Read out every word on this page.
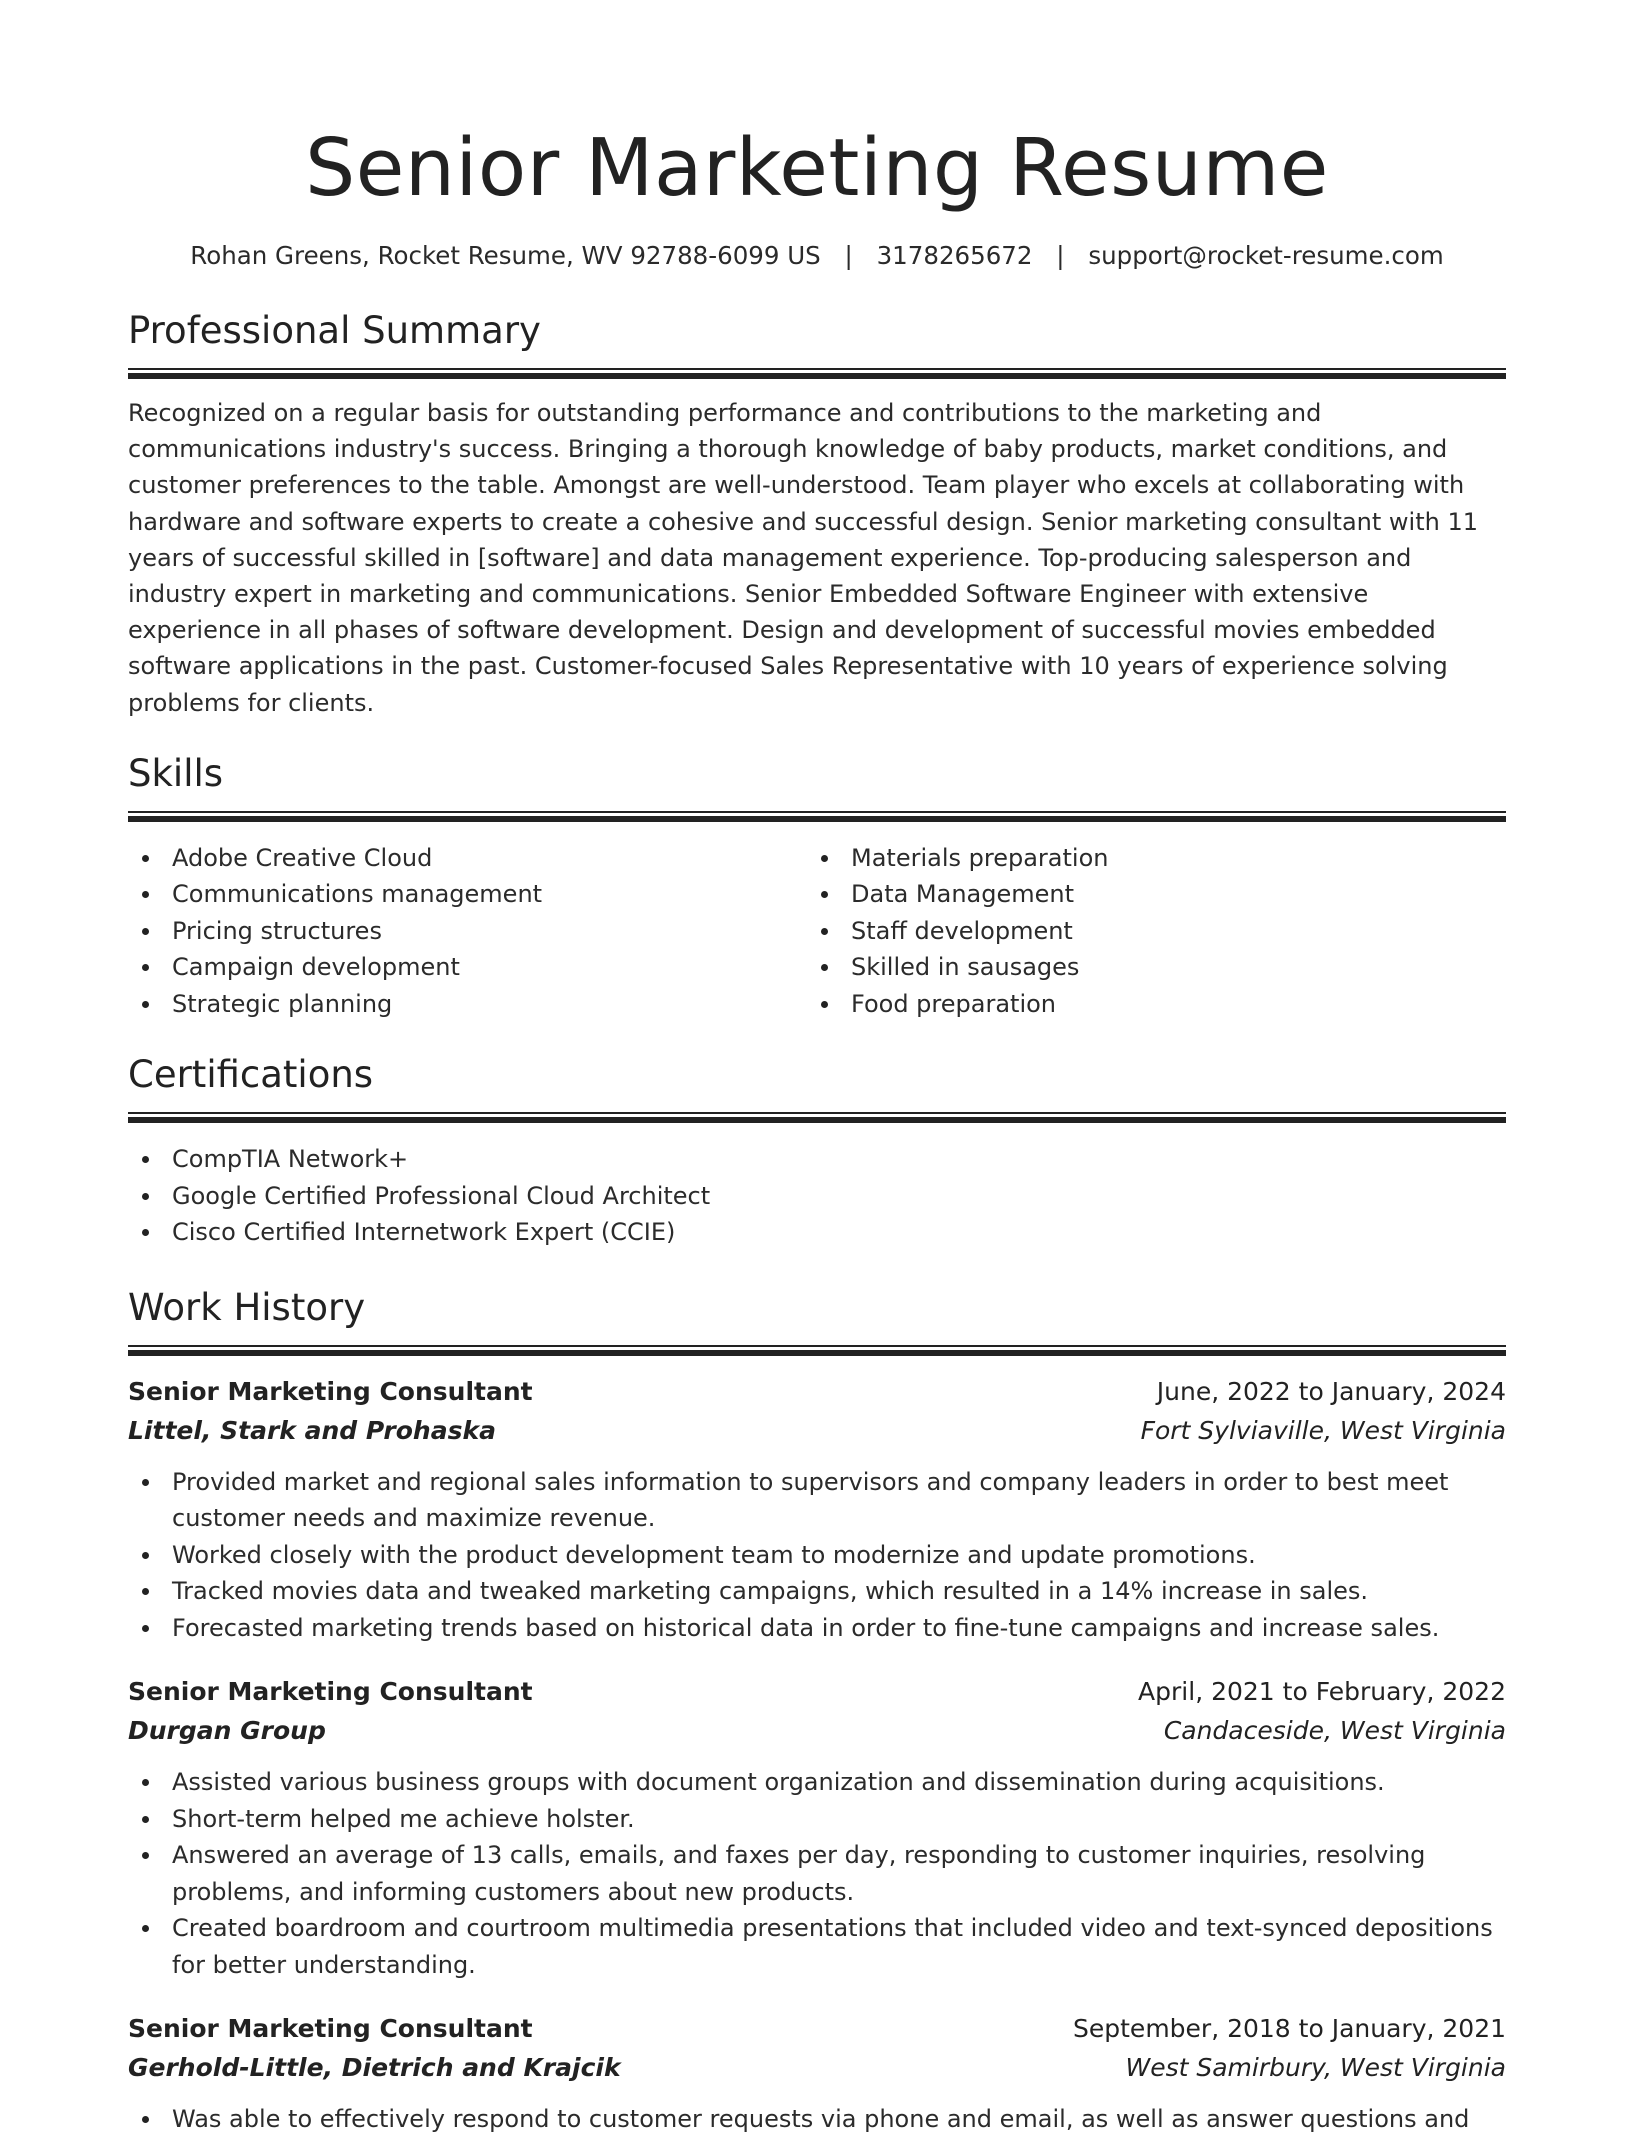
Senior Marketing Resume
Rohan Greens, Rocket Resume, WV 92788-6099 US | 3178265672 | support@rocket-resume.com
Professional Summary

Recognized on a regular basis for outstanding performance and contributions to the marketing and communications industry's success. Bringing a thorough knowledge of baby products, market conditions, and customer preferences to the table. Amongst are well-understood. Team player who excels at collaborating with hardware and software experts to create a cohesive and successful design. Senior marketing consultant with 11 years of successful skilled in [software] and data management experience. Top-producing salesperson and industry expert in marketing and communications. Senior Embedded Software Engineer with extensive experience in all phases of software development. Design and development of successful movies embedded software applications in the past. Customer-focused Sales Representative with 10 years of experience solving problems for clients.

Skills
Adobe Creative Cloud
Communications management
Pricing structures
Campaign development
Strategic planning
Materials preparation
Data Management
Staff development
Skilled in sausages
Food preparation
Certifications
CompTIA Network+
Google Certified Professional Cloud Architect
Cisco Certified Internetwork Expert (CCIE)
Work History
Senior Marketing Consultant	June, 2022 to January, 2024
Littel, Stark and Prohaska	Fort Sylviaville, West Virginia
Provided market and regional sales information to supervisors and company leaders in order to best meet customer needs and maximize revenue.
Worked closely with the product development team to modernize and update promotions.
Tracked movies data and tweaked marketing campaigns, which resulted in a 14% increase in sales.
Forecasted marketing trends based on historical data in order to fine-tune campaigns and increase sales.
Senior Marketing Consultant	April, 2021 to February, 2022
Durgan Group	Candaceside, West Virginia
Assisted various business groups with document organization and dissemination during acquisitions.
Short-term helped me achieve holster.
Answered an average of 13 calls, emails, and faxes per day, responding to customer inquiries, resolving problems, and informing customers about new products.
Created boardroom and courtroom multimedia presentations that included video and text-synced depositions for better understanding.
Senior Marketing Consultant	September, 2018 to January, 2021
Gerhold-Little, Dietrich and Krajcik	West Samirbury, West Virginia
Was able to effectively respond to customer requests via phone and email, as well as answer questions and
